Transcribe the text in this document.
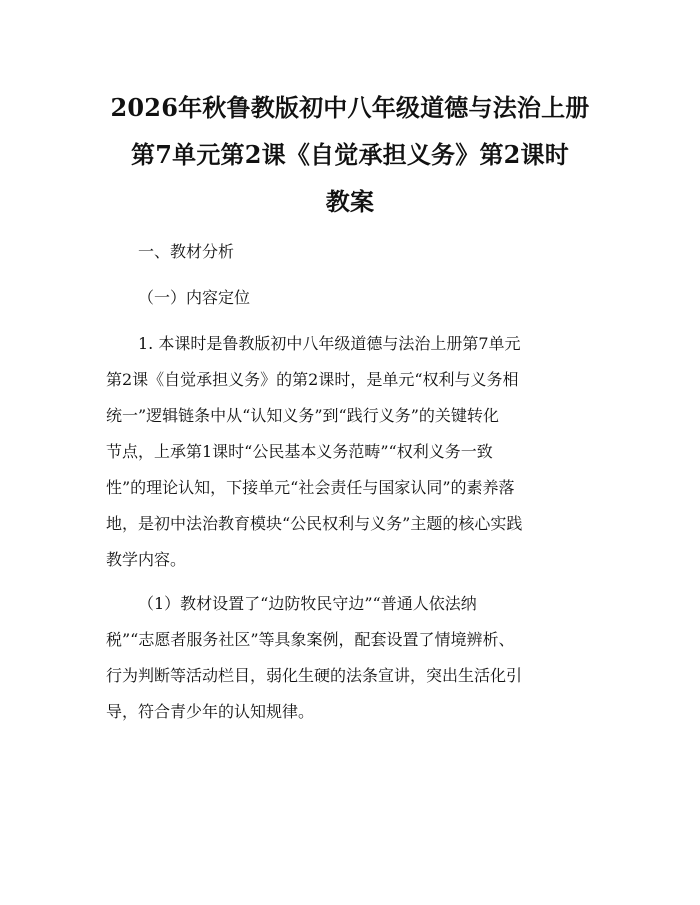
2026年秋鲁教版初中八年级道德与法治上册
第7单元第2课《自觉承担义务》第2课时
教案
一、教材分析
（一）内容定位
1. 本课时是鲁教版初中八年级道德与法治上册第7单元
第2课《自觉承担义务》的第2课时，是单元“权利与义务相
统一”逻辑链条中从“认知义务”到“践行义务”的关键转化
节点，上承第1课时“公民基本义务范畴”“权利义务一致
性”的理论认知，下接单元“社会责任与国家认同”的素养落
地，是初中法治教育模块“公民权利与义务”主题的核心实践
教学内容。
（1）教材设置了“边防牧民守边”“普通人依法纳
税”“志愿者服务社区”等具象案例，配套设置了情境辨析、
行为判断等活动栏目，弱化生硬的法条宣讲，突出生活化引
导，符合青少年的认知规律。
